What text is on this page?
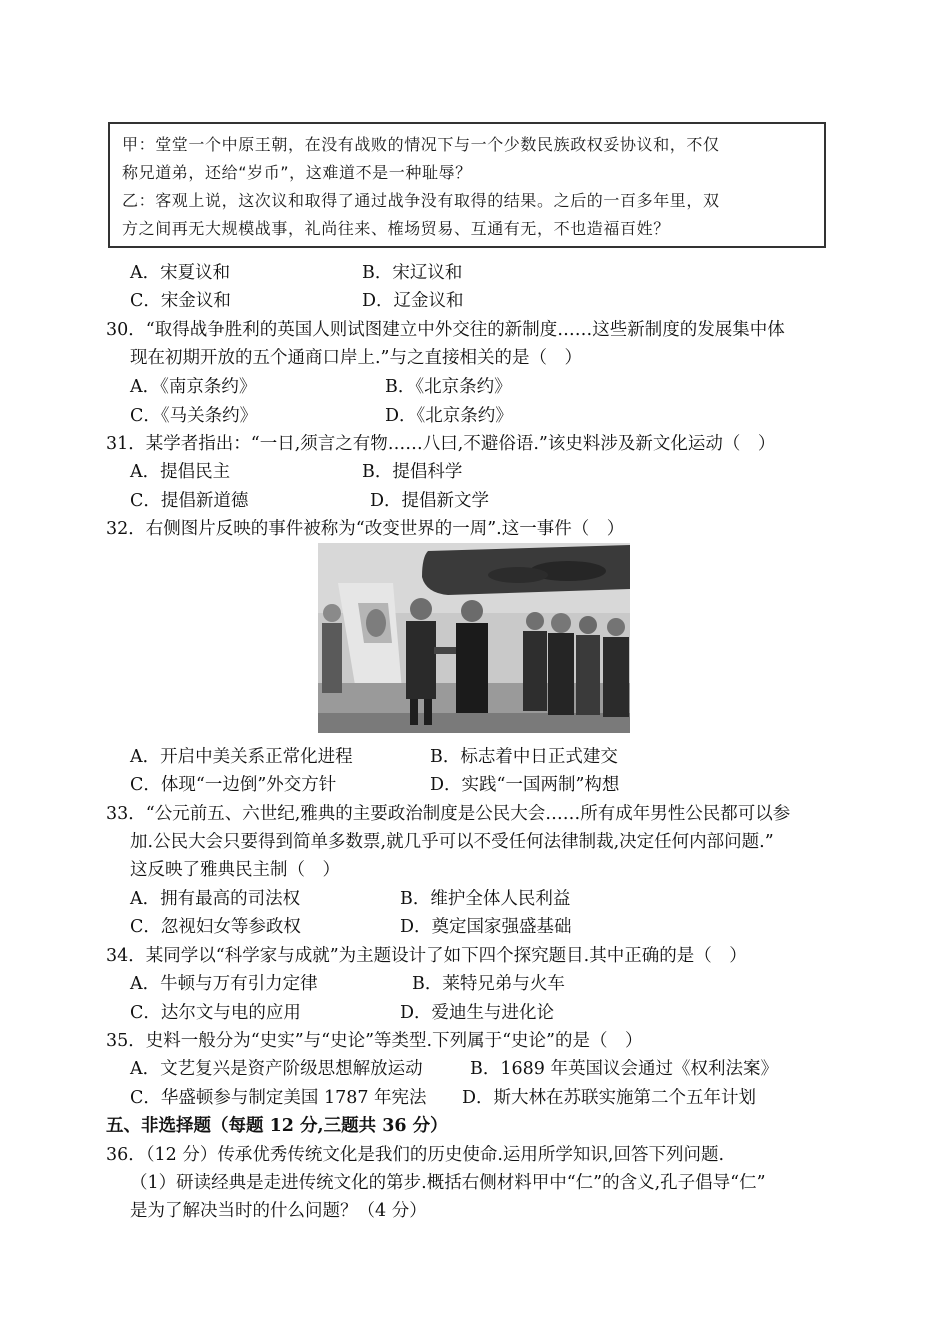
甲：堂堂一个中原王朝，在没有战败的情况下与一个少数民族政权妥协议和，不仅
称兄道弟，还给“岁币”，这难道不是一种耻辱？
乙：客观上说，这次议和取得了通过战争没有取得的结果。之后的一百多年里，双
方之间再无大规模战事，礼尚往来、榷场贸易、互通有无，不也造福百姓？
A．宋夏议和	B．宋辽议和
C．宋金议和	D．辽金议和
30．“取得战争胜利的英国人则试图建立中外交往的新制度……这些新制度的发展集中体
现在初期开放的五个通商口岸上.”与之直接相关的是（　）
A．《南京条约》	B．《北京条约》
C．《马关条约》	D．《北京条约》
31．某学者指出：“一日,须言之有物……八曰,不避俗语.”该史料涉及新文化运动（　）
A．提倡民主	B．提倡科学
C．提倡新道德	D．提倡新文学
32．右侧图片反映的事件被称为“改变世界的一周”.这一事件（　）
A．开启中美关系正常化进程	B．标志着中日正式建交
C．体现“一边倒”外交方针	D．实践“一国两制”构想
33．“公元前五、六世纪,雅典的主要政治制度是公民大会……所有成年男性公民都可以参
加.公民大会只要得到简单多数票,就几乎可以不受任何法律制裁,决定任何内部问题.”
这反映了雅典民主制（　）
A．拥有最高的司法权	B．维护全体人民利益
C．忽视妇女等参政权	D．奠定国家强盛基础
34．某同学以“科学家与成就”为主题设计了如下四个探究题目.其中正确的是（　）
A．牛顿与万有引力定律	B．莱特兄弟与火车
C．达尔文与电的应用	D．爱迪生与进化论
35．史料一般分为“史实”与“史论”等类型.下列属于“史论”的是（　）
A．文艺复兴是资产阶级思想解放运动	B．1689 年英国议会通过《权利法案》
C．华盛顿参与制定美国 1787 年宪法 D．斯大林在苏联实施第二个五年计划
五、非选择题（每题 12 分,三题共 36 分）
36．（12 分）传承优秀传统文化是我们的历史使命.运用所学知识,回答下列问题.
（1）研读经典是走进传统文化的第步.概括右侧材料甲中“仁”的含义,孔子倡导“仁”
是为了解决当时的什么问题？（4 分）
